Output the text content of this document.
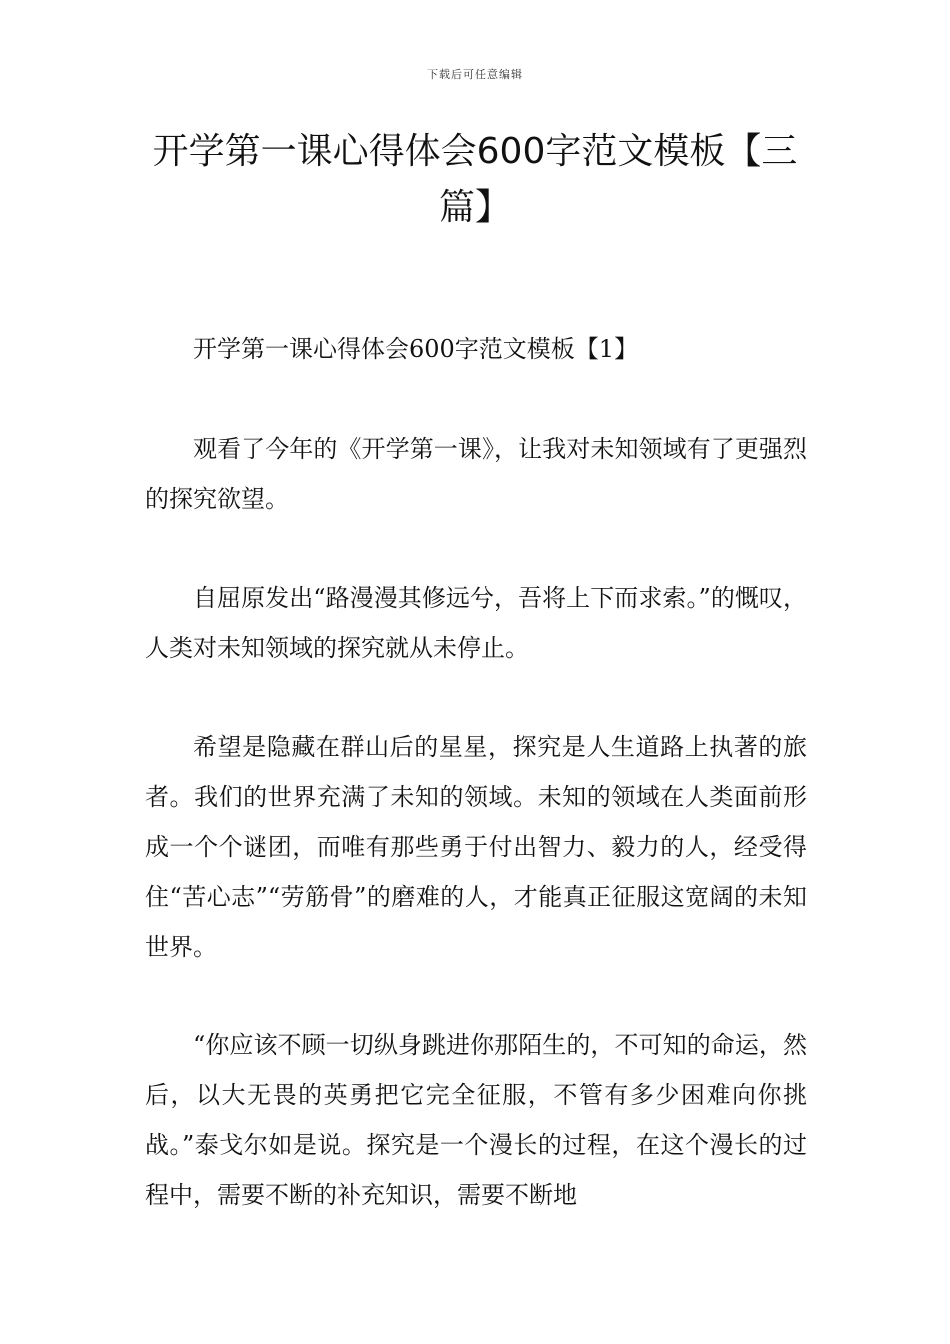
下载后可任意编辑
开学第一课心得体会600字范文模板【三篇】

开学第一课心得体会600字范文模板【1】

观看了今年的《开学第一课》，让我对未知领域有了更强烈的探究欲望。

自屈原发出“路漫漫其修远兮，吾将上下而求索。”的慨叹，人类对未知领域的探究就从未停止。

希望是隐藏在群山后的星星，探究是人生道路上执著的旅者。我们的世界充满了未知的领域。未知的领域在人类面前形成一个个谜团，而唯有那些勇于付出智力、毅力的人，经受得住“苦心志”“劳筋骨”的磨难的人，才能真正征服这宽阔的未知世界。

“你应该不顾一切纵身跳进你那陌生的，不可知的命运，然后，以大无畏的英勇把它完全征服，不管有多少困难向你挑战。”泰戈尔如是说。探究是一个漫长的过程，在这个漫长的过程中，需要不断的补充知识，需要不断地
